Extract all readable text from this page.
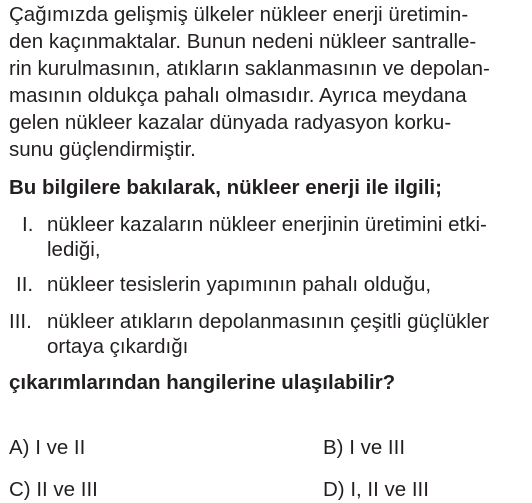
Çağımızda gelişmiş ülkeler nükleer enerji üretimin-
den kaçınmaktalar. Bunun nedeni nükleer santralle-
rin kurulmasının, atıkların saklanmasının ve depolan-
masının oldukça pahalı olmasıdır. Ayrıca meydana
gelen nükleer kazalar dünyada radyasyon korku-
sunu güçlendirmiştir.
Bu bilgilere bakılarak, nükleer enerji ile ilgili;
I. nükleer kazaların nükleer enerjinin üretimini etki-
lediği,
II. nükleer tesislerin yapımının pahalı olduğu,
III. nükleer atıkların depolanmasının çeşitli güçlükler
ortaya çıkardığı
çıkarımlarından hangilerine ulaşılabilir?
A) I ve II	B) I ve III
C) II ve III	D) I, II ve III
